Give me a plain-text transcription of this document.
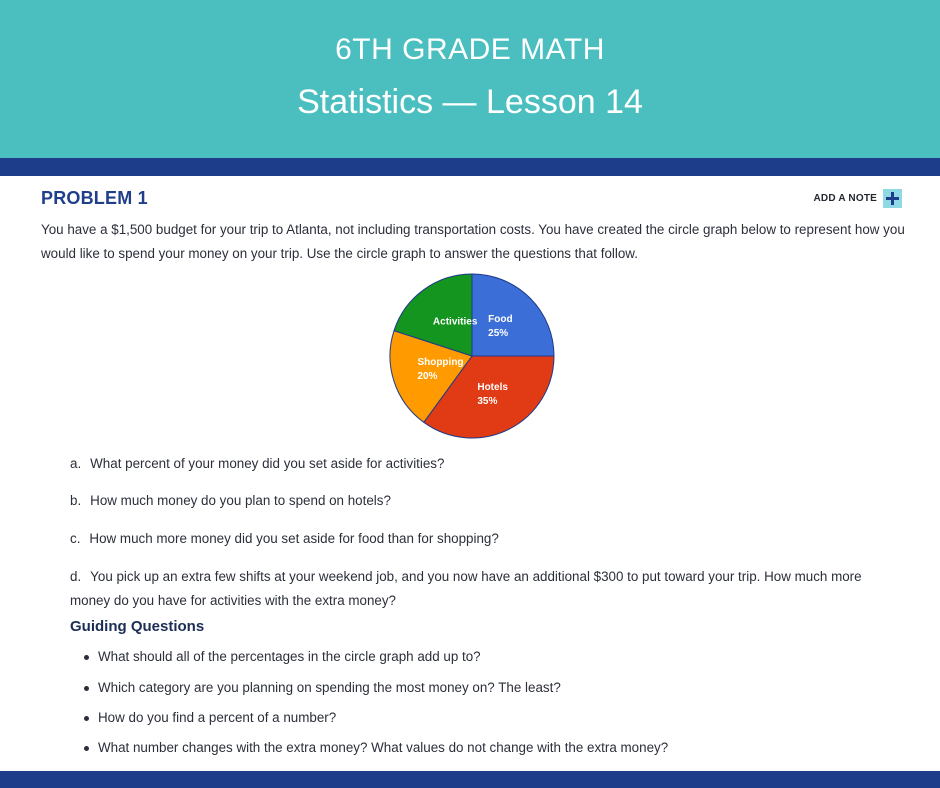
6TH GRADE MATH
Statistics — Lesson 14
PROBLEM 1	ADD A NOTE
You have a $1,500 budget for your trip to Atlanta, not including transportation costs. You have created the circle graph below to represent how you would like to spend your money on your trip. Use the circle graph to answer the questions that follow.
Food 25%
Hotels 35%
Shopping 20%
Activities
a. What percent of your money did you set aside for activities?
b. How much money do you plan to spend on hotels?
c. How much more money did you set aside for food than for shopping?
d. You pick up an extra few shifts at your weekend job, and you now have an additional $300 to put toward your trip. How much more money do you have for activities with the extra money?
Guiding Questions
What should all of the percentages in the circle graph add up to?
Which category are you planning on spending the most money on? The least?
How do you find a percent of a number?
What number changes with the extra money? What values do not change with the extra money?
